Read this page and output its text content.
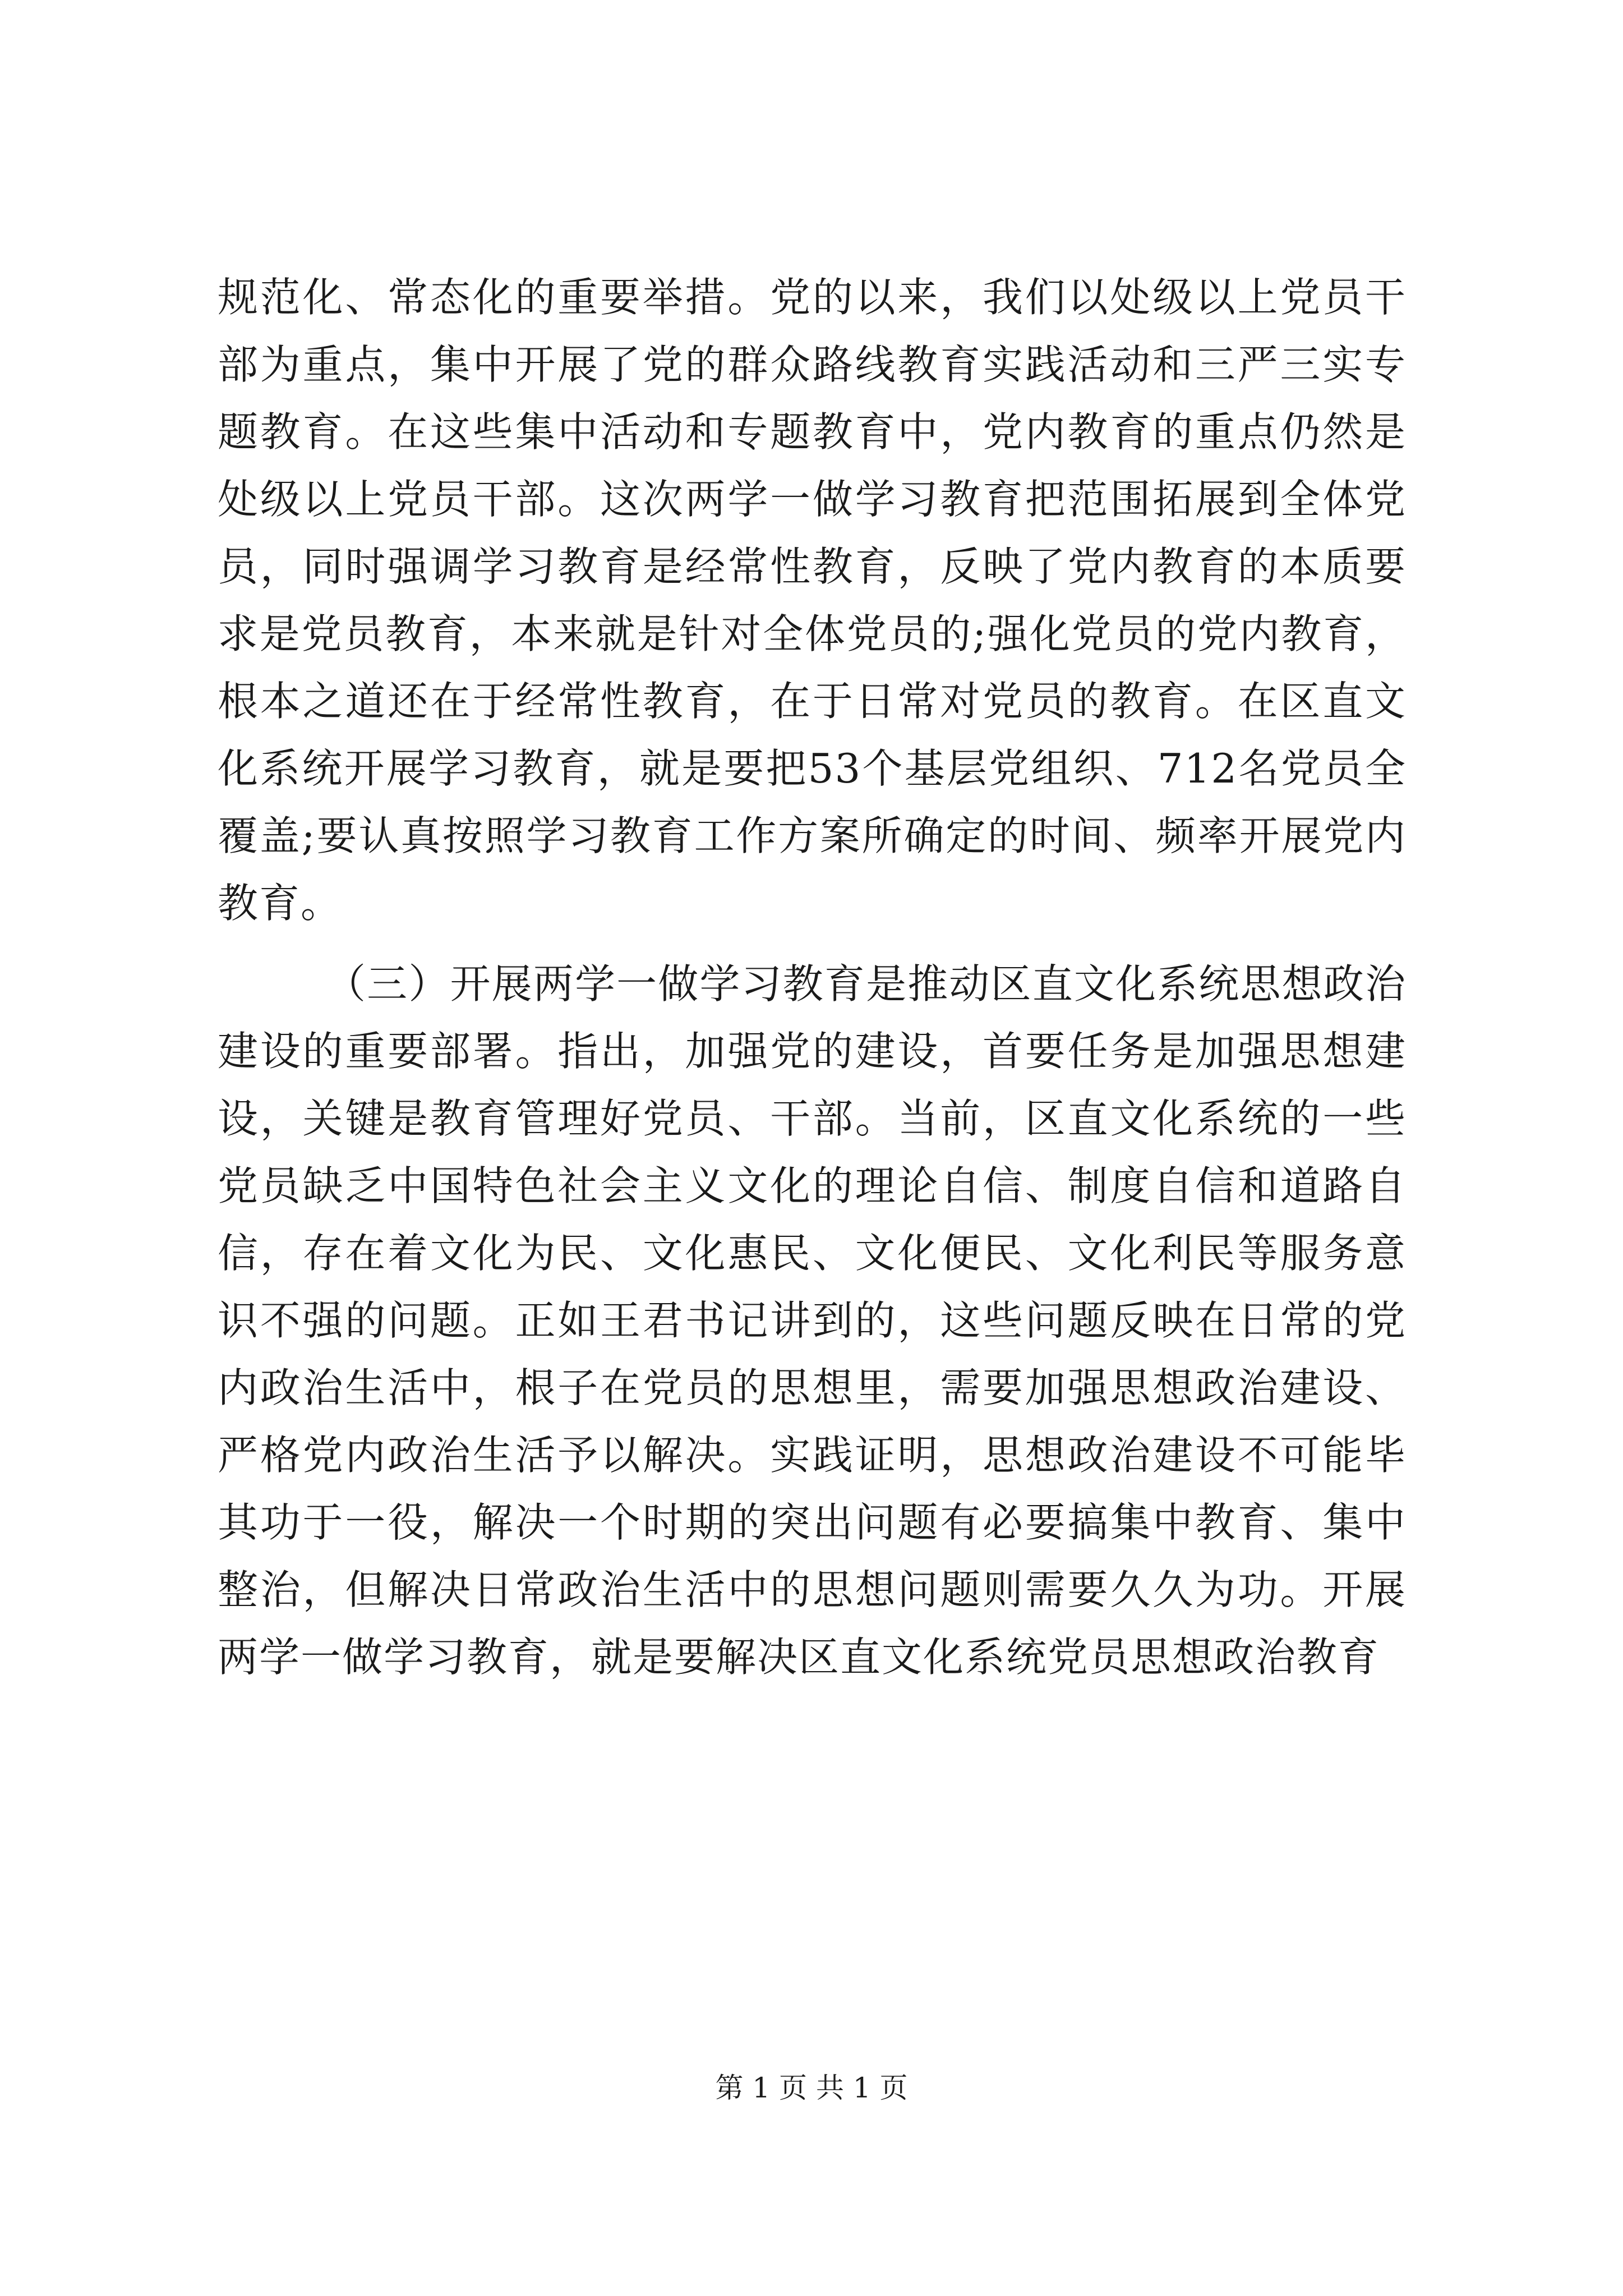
规范化、常态化的重要举措。党的以来，我们以处级以上党员干部为重点，集中开展了党的群众路线教育实践活动和三严三实专题教育。在这些集中活动和专题教育中，党内教育的重点仍然是处级以上党员干部。这次两学一做学习教育把范围拓展到全体党员，同时强调学习教育是经常性教育，反映了党内教育的本质要求是党员教育，本来就是针对全体党员的;强化党员的党内教育，根本之道还在于经常性教育，在于日常对党员的教育。在区直文化系统开展学习教育，就是要把53个基层党组织、712名党员全覆盖;要认真按照学习教育工作方案所确定的时间、频率开展党内教育。

（三）开展两学一做学习教育是推动区直文化系统思想政治建设的重要部署。指出，加强党的建设，首要任务是加强思想建设，关键是教育管理好党员、干部。当前，区直文化系统的一些党员缺乏中国特色社会主义文化的理论自信、制度自信和道路自信，存在着文化为民、文化惠民、文化便民、文化利民等服务意识不强的问题。正如王君书记讲到的，这些问题反映在日常的党内政治生活中，根子在党员的思想里，需要加强思想政治建设、严格党内政治生活予以解决。实践证明，思想政治建设不可能毕其功于一役，解决一个时期的突出问题有必要搞集中教育、集中整治，但解决日常政治生活中的思想问题则需要久久为功。开展两学一做学习教育，就是要解决区直文化系统党员思想政治教育

第 1 页 共 1 页
